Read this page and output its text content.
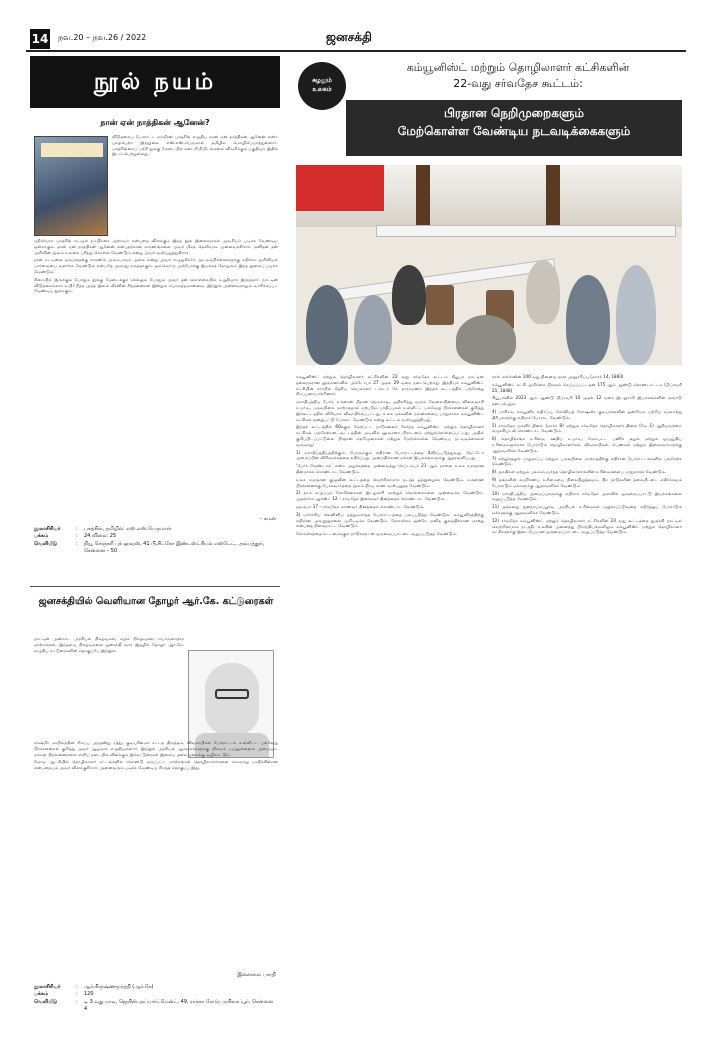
14 நவ.20 – நவ.26 / 2022	ஜனசக்தி
நூல் நயம்
நான் ஏன் நாத்திகன் ஆனேன்?

விடுதலைப் போராட்ட மாவீரன் பகத்சிங் எழுதிய நான் ஏன் நாத்திகன் ஆனேன் என்ற புகழ்பெற்ற இந்நூலை எஸ்.எஸ்.பெருமாள் தமிழில் மொழிபெயர்த்துள்ளார். பகத்சிங்கைப் பற்றி தூக்கு மேடையில் கடைசி நிமிடங்களை விவரிக்கும் பகுதியும் இதில் இடம் பெற்றுள்ளது.

ஏதிலியாக பகத்சிங் கடவுள் நம்பிக்கை அற்றவர் என்பதை விளக்கும் இந்த நூல் இளைஞர்கள் அவசியம் படிக்க வேண்டிய ஒன்றாகும். தான் ஏன் நாத்திகன் ஆனேன் என்பதற்கான காரணங்களை அவர் மிகத் தெளிவாக முன்வைக்கிறார். மனிதன் தன் அறிவின் மூலம் உலகை புரிந்து கொள்ள வேண்டும் என்று அவர் வலியுறுத்துகிறார்.

நான் கடவுளை நம்பாததற்கு காரணம் அகம்பாவம் அல்ல என்று அவர் எழுதுகிறார். மூடநம்பிக்கைகளுக்கு எதிராக அறிவியல் பார்வையை வளர்க்க வேண்டும் என்பதே அவரது கருத்தாகும். ஒவ்வொரு முற்போக்கு இயக்கத் தோழரும் இந்த நூலைப் படிக்க வேண்டும்.

சிறையில் இருக்கும் போதும் தூக்கு மேடைக்குச் செல்லும் போதும் அவர் தன் கொள்கையில் உறுதியாக இருந்தார். நாட்டின் விடுதலைக்காக உயிர் நீத்த அந்த இளம் வீரனின் சிந்தனைகள் இன்றும் பொருத்தமானவை. இந்நூல் அனைவராலும் வாசிக்கப்பட வேண்டிய நூலாகும்.

– சுமன்
நூலாசிரியர்	:	பகத்சிங், தமிழில்: எஸ்.எஸ்.பெருமாள்
பக்கம்	:	24 விலை: 25
வெளியீடு	:	நியூ செஞ்சுரி புக் ஹவுஸ், 41 பி,சிட்கோ இண்டஸ்ட்ரியல் எஸ்டேட், அம்பத்தூர், சென்னை – 50
ஜனசக்தியில் வெளியான தோழர் ஆர்.கே. கட்டுரைகள்

நாட்டின் அன்றாட அரசியல் நிகழ்வுகள், சமூக நிகழ்வுகள், பொருளாதார மாற்றங்கள், இந்தளவு நிகழ்வுகளை ஜனசக்தி வார இதழில் தோழர் ஆர்.கே. எழுதிய கட்டுரைகளின் தொகுப்பே இந்நூல்.

காஷ்மீர் மாநிலத்தின் சிறப்பு அந்தஸ்து ரத்து, குடியுரிமைச் சட்டத் திருத்தம், விவசாயிகள் போராட்டம் உள்ளிட்ட பல்வேறு பிரச்சனைகள் குறித்து அவர் ஆழமாக எழுதியுள்ளார். இந்நூல் அரசியல் ஆர்வலர்களுக்கு மிகவும் பயனுள்ளதாக அமையும். மக்கள் பிரச்சனைகளை எளிய நடையில் விளக்கும் இக்கட்டுரைகள் இளைய தலைமுறைக்கு வழிகாட்டும்.

மோடி ஆட்சியில் தொழிலாளர் சட்டங்களில் கொண்டு வரப்பட்ட மாற்றங்கள் தொழிலாளர்களை எவ்வாறு பாதிக்கின்றன என்பதையும் அவர் விளக்குகிறார். அனைவரும் படிக்க வேண்டிய சிறந்த தொகுப்பு இது.

இன்னவை பாரதி
நூலாசிரியர்	:	ஆர்.கிருஷ்ணமூர்த்தி (ஆர்.கே)
பக்கம்	:	120
வெளியீடு	:	டி 3 வது மாடி, ஜெயின் அப்பார்ட்மென்ட், 49, ராக்கா ரோடு, மயிலாப்பூர், சென்னை 4
சுழலும்
உலகம்
கம்யூனிஸ்ட் மற்றும் தொழிலாளர் கட்சிகளின்
22-வது சர்வதேச கூட்டம்:
பிரதான நெறிமுறைகளும்
மேற்கொள்ள வேண்டிய நடவடிக்கைகளும்

கம்யூனிஸ்ட் மற்றும் தொழிலாளர் கட்சிகளின் 22 வது சர்வதேச கூட்டம் கியூபா நாட்டின் தலைநகரான ஹவானாவில் அக்டோபர் 27 முதல் 29 வரை நடைபெற்றது. இந்தியக் கம்யூனிஸ்ட் கட்சியின் சார்பில் தேசிய செயலாளர் டாக்டர் கே நாராயணா இந்தக் கூட்டத்தில் பங்கேற்று சிறப்புரையாற்றினார்.

ஏகாதிபத்திய போர், உக்ரைன் மீதான நெருக்கடி, அதிகரித்து வரும் வேலையின்மை, விலைவாசி உயர்வு, பருவநிலை மாற்றத்தால் ஏற்படும் பாதிப்புகள் உள்ளிட்ட பல்வேறு பிரச்சனைகள் குறித்து இக்கூட்டத்தில் விரிவாக விவாதிக்கப்பட்டது. உலக மக்களின் நலன்களைப் பாதுகாக்க கம்யூனிஸ்ட் கட்சிகள் ஒன்றுபட்டு போராட வேண்டும் என்று கூட்டம் வலியுறுத்தியது.

இந்தக் கூட்டத்தில் 60க்கும் மேற்பட்ட நாடுகளைச் சேர்ந்த கம்யூனிஸ்ட் மற்றும் தொழிலாளர் கட்சிகள் பங்கேற்றன. கூட்டத்தின் முடிவில் ஹவானா பிரகடனம் ஏற்றுக்கொள்ளப்பட்டது. அதில் குறிப்பிடப்பட்டுள்ள பிரதான நெறிமுறைகள் மற்றும் மேற்கொள்ள வேண்டிய நடவடிக்கைகள் வருமாறு:

1) ஏகாதிபத்தியத்திற்கும், போருக்கும் எதிரான போராட்டத்தை தீவிரப்படுத்துவது. நேட்டோ அமைப்பின் விரிவாக்கத்தை எதிர்ப்பது. அமைதிக்கான மக்கள் இயக்கங்களுக்கு ஆதரவளிப்பது.

‘போர் வேண்டாம்’ என்ற முழக்கத்தை முன்வைத்து செப்டம்பர் 21 ஆம் நாளை உலக சமாதான தினமாகக் கொண்டாட வேண்டும்.

உலக சமாதான குழுவின் கூட்டத்தை வெற்றிகரமாக நடத்த ஒத்துழைக்க வேண்டும். உக்ரைன் பிரச்சனைக்கு பேச்சுவார்த்தை மூலம் தீர்வு காண வலியுறுத்த வேண்டும்.

2) நாம் எழுப்பும் கோரிக்கைகள் இடதுசாரி மாற்றுக் கொள்கைகளை முன்வைக்க வேண்டும். அதற்காக ஆகஸ்ட் 12 – சர்வதேச இளைஞர் தினத்தைக் கொண்டாட வேண்டும்.

நவம்பர் 17 – சர்வதேச மாணவர் தினத்தைக் கொண்டாட வேண்டும்.

3) மார்க்சிய லெனினிய தத்துவார்த்த போராட்டத்தை பலப்படுத்த வேண்டும். கம்யூனிசத்திற்கு எதிரான அவதூறுகளை முறியடிக்க வேண்டும். சோசலிசம் ஒன்றே மனித குலத்திற்கான மாற்று என்பதை நிலைநாட்ட வேண்டும்.

சோசலிசத்தை கட்டமைக்கும் நாடுகளுடன் ஒருமைப்பாட்டை வலுப்படுத்த வேண்டும்.

கால் மார்க்ஸின் 140 வது நினைவு நாள் அனுசரிப்பு (மார்ச் 14, 1883)

கம்யூனிஸ்ட் கட்சி அறிக்கை பிரசுரம் செய்யப்பட்டதன் 175 ஆம் ஆண்டு கொண்டாட்டம் (பிப்ரவரி 21, 1848)

கியூபாவில் 2023 ஆம் ஆண்டு பிப்ரவரி 10 முதல் 12 வரை இடதுசாரி இயக்கங்களின் மாநாடு நடைபெறும்.

4) பாசிசம், கம்யூனிச எதிர்ப்பு, சோவியத் சோஷலிச குடியரசுகளின் ஒன்றியம் பற்றிய வரலாற்று திரிபுகளுக்கு எதிராக போராட வேண்டும்.

5) சர்வதேச மகளிர் தினம் (மார்ச் 8) மற்றும் சர்வதேச தொழிலாளர் தினம் (மே 1) ஆகியவற்றை எழுச்சியுடன் கொண்டாட வேண்டும்.

6) தொழிற்சங்க உரிமை, ஊதிய உயர்வு, மேம்பட்ட பணிச் சூழல் மற்றும் ஓய்வூதிய உரிமைகளுக்காக போராடும் தொழிலாளர்கள், விவசாயிகள், பெண்கள் மற்றும் இளைஞர்களுக்கு ஆதரவளிக்க வேண்டும்.

7) சுற்றுச்சூழல் பாதுகாப்பு மற்றும் பருவநிலை மாற்றத்திற்கு எதிரான போராட்டங்களில் பங்கேற்க வேண்டும்.

8) அகதிகள் மற்றும் புலம்பெயர்ந்த தொழிலாளர்களின் உரிமைகளைப் பாதுகாக்க வேண்டும்.

9) தங்களின் சுயநிர்ணய உரிமையை நிலைநிறுத்தவும், பிற நாடுகளின் தலையீட்டை எதிர்க்கவும் போராடும் மக்களுக்கு ஆதரவளிக்க வேண்டும்.

10) ஏகாதிபத்திய அமைப்புகளுக்கு எதிராக சர்வதேச அளவில் ஒருமைப்பாட்டு இயக்கங்களை வலுப்படுத்த வேண்டும்.

11) தங்களது ஜனநாயகப்பூர்வ அரசியல் உரிமைகள் மறுக்கப்படுவதை எதிர்த்துப் போராடும் மக்களுக்கு ஆதரவளிக்க வேண்டும்.

12) சர்வதேச கம்யூனிஸ்ட் மற்றும் தொழிலாளர் கட்சிகளின் 23 வது கூட்டத்தை துருக்கி நாட்டில் வெற்றிகரமாக நடத்தி, உலகின் அனைத்து பிராந்தியங்களிலும் கம்யூனிஸ்ட் மற்றும் தொழிலாளர் கட்சிகளுக்கு இடையேயான ஒருமைப்பாட்டை வலுப்படுத்த வேண்டும்.
